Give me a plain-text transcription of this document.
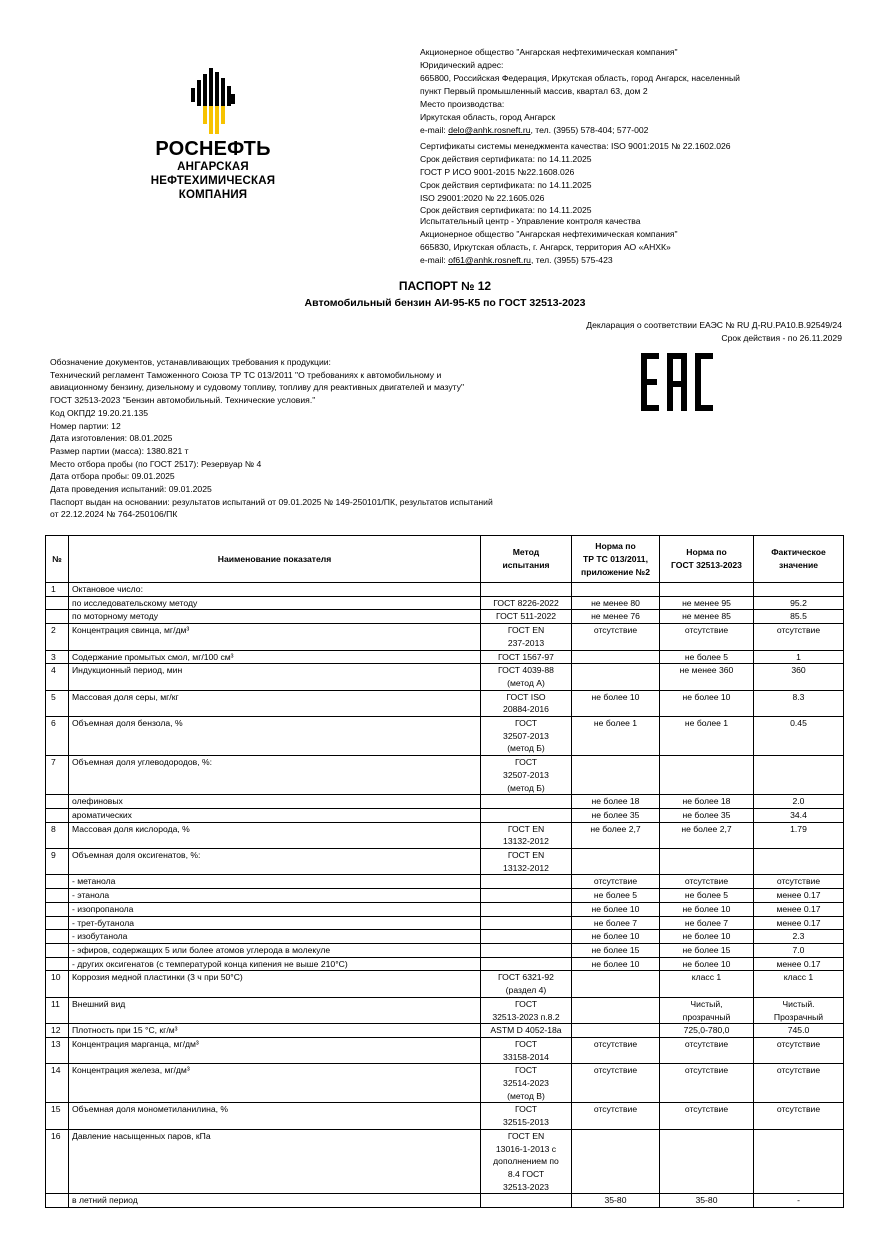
РОСНЕФТЬ
АНГАРСКАЯ
НЕФТЕХИМИЧЕСКАЯ
КОМПАНИЯ
Акционерное общество "Ангарская нефтехимическая компания"
Юридический адрес:
665800, Российская Федерация, Иркутская область, город Ангарск, населенный
пункт Первый промышленный массив, квартал 63, дом 2
Место производства:
Иркутская область, город Ангарск
e-mail: delo@anhk.rosneft.ru, тел. (3955) 578-404; 577-002
Сертификаты системы менеджмента качества: ISO 9001:2015 № 22.1602.026
Срок действия сертификата: по 14.11.2025
ГОСТ Р ИСО 9001-2015 №22.1608.026
Срок действия сертификата: по 14.11.2025
ISO 29001:2020 № 22.1605.026
Срок действия сертификата: по 14.11.2025
Испытательный центр - Управление контроля качества
Акционерное общество "Ангарская нефтехимическая компания"
665830, Иркутская область, г. Ангарск, территория АО «АНХК»
e-mail: of61@anhk.rosneft.ru, тел. (3955) 575-423
ПАСПОРТ № 12
Автомобильный бензин АИ-95-К5 по ГОСТ 32513-2023
Декларация о соответствии ЕАЭС № RU Д-RU.PA10.B.92549/24
Срок действия - по 26.11.2029
Обозначение документов, устанавливающих требования к продукции:
Технический регламент Таможенного Союза ТР ТС 013/2011 "О требованиях к автомобильному и
авиационному бензину, дизельному и судовому топливу, топливу для реактивных двигателей и мазуту"
ГОСТ 32513-2023 "Бензин автомобильный. Технические условия."
Код ОКПД2 19.20.21.135
Номер партии: 12
Дата изготовления: 08.01.2025
Размер партии (масса): 1380.821 т
Место отбора пробы (по ГОСТ 2517): Резервуар № 4
Дата отбора пробы: 09.01.2025
Дата проведения испытаний: 09.01.2025
Паспорт выдан на основании: результатов испытаний от 09.01.2025 № 149-250101/ПК, результатов испытаний
от 22.12.2024 № 764-250106/ПК
№	Наименование показателя	Метод
испытания	Норма по
ТР ТС 013/2011,
приложение №2	Норма по
ГОСТ 32513-2023	Фактическое
значение

1	Октановое число:				
	по исследовательскому методу	ГОСТ 8226-2022	не менее 80	не менее 95	95.2
	по моторному методу	ГОСТ 511-2022	не менее 76	не менее 85	85.5
2	Концентрация свинца, мг/дм³	ГОСТ EN
237-2013	отсутствие	отсутствие	отсутствие
3	Содержание промытых смол, мг/100 см³	ГОСТ 1567-97		не более 5	1
4	Индукционный период, мин	ГОСТ 4039-88
(метод А)		не менее 360	360
5	Массовая доля серы, мг/кг	ГОСТ ISO
20884-2016	не более 10	не более 10	8.3
6	Объемная доля бензола, %	ГОСТ
32507-2013
(метод Б)	не более 1	не более 1	0.45
7	Объемная доля углеводородов, %:	ГОСТ
32507-2013
(метод Б)			

	олефиновых		не более 18	не более 18	2.0
	ароматических		не более 35	не более 35	34.4
8	Массовая доля кислорода, %	ГОСТ EN
13132-2012	не более 2,7	не более 2,7	1.79
9	Объемная доля оксигенатов, %:	ГОСТ EN
13132-2012			

	- метанола		отсутствие	отсутствие	отсутствие
	- этанола		не более 5	не более 5	менее 0.17
	- изопропанола		не более 10	не более 10	менее 0.17
	- трет-бутанола		не более 7	не более 7	менее 0.17
	- изобутанола		не более 10	не более 10	2.3
	- эфиров, содержащих 5 или более атомов углерода в молекуле		не более 15	не более 15	7.0
	- других оксигенатов (с температурой конца кипения не выше 210°С)		не более 10	не более 10	менее 0.17
10	Коррозия медной пластинки (3 ч при 50°С)	ГОСТ 6321-92
(раздел 4)		класс 1	класс 1
11	Внешний вид	ГОСТ
32513-2023 п.8.2		Чистый,
прозрачный	Чистый.
Прозрачный

12	Плотность при 15 °С, кг/м³	ASTM D 4052-18a		725,0-780,0	745.0
13	Концентрация марганца, мг/дм³	ГОСТ
33158-2014	отсутствие	отсутствие	отсутствие
14	Концентрация железа, мг/дм³	ГОСТ
32514-2023
(метод В)	отсутствие	отсутствие	отсутствие
15	Объемная доля монометиланилина, %	ГОСТ
32515-2013	отсутствие	отсутствие	отсутствие
16	Давление насыщенных паров, кПа	ГОСТ EN
13016-1-2013 с
дополнением по
8.4 ГОСТ
32513-2023			

	в летний период		35-80	35-80	-
